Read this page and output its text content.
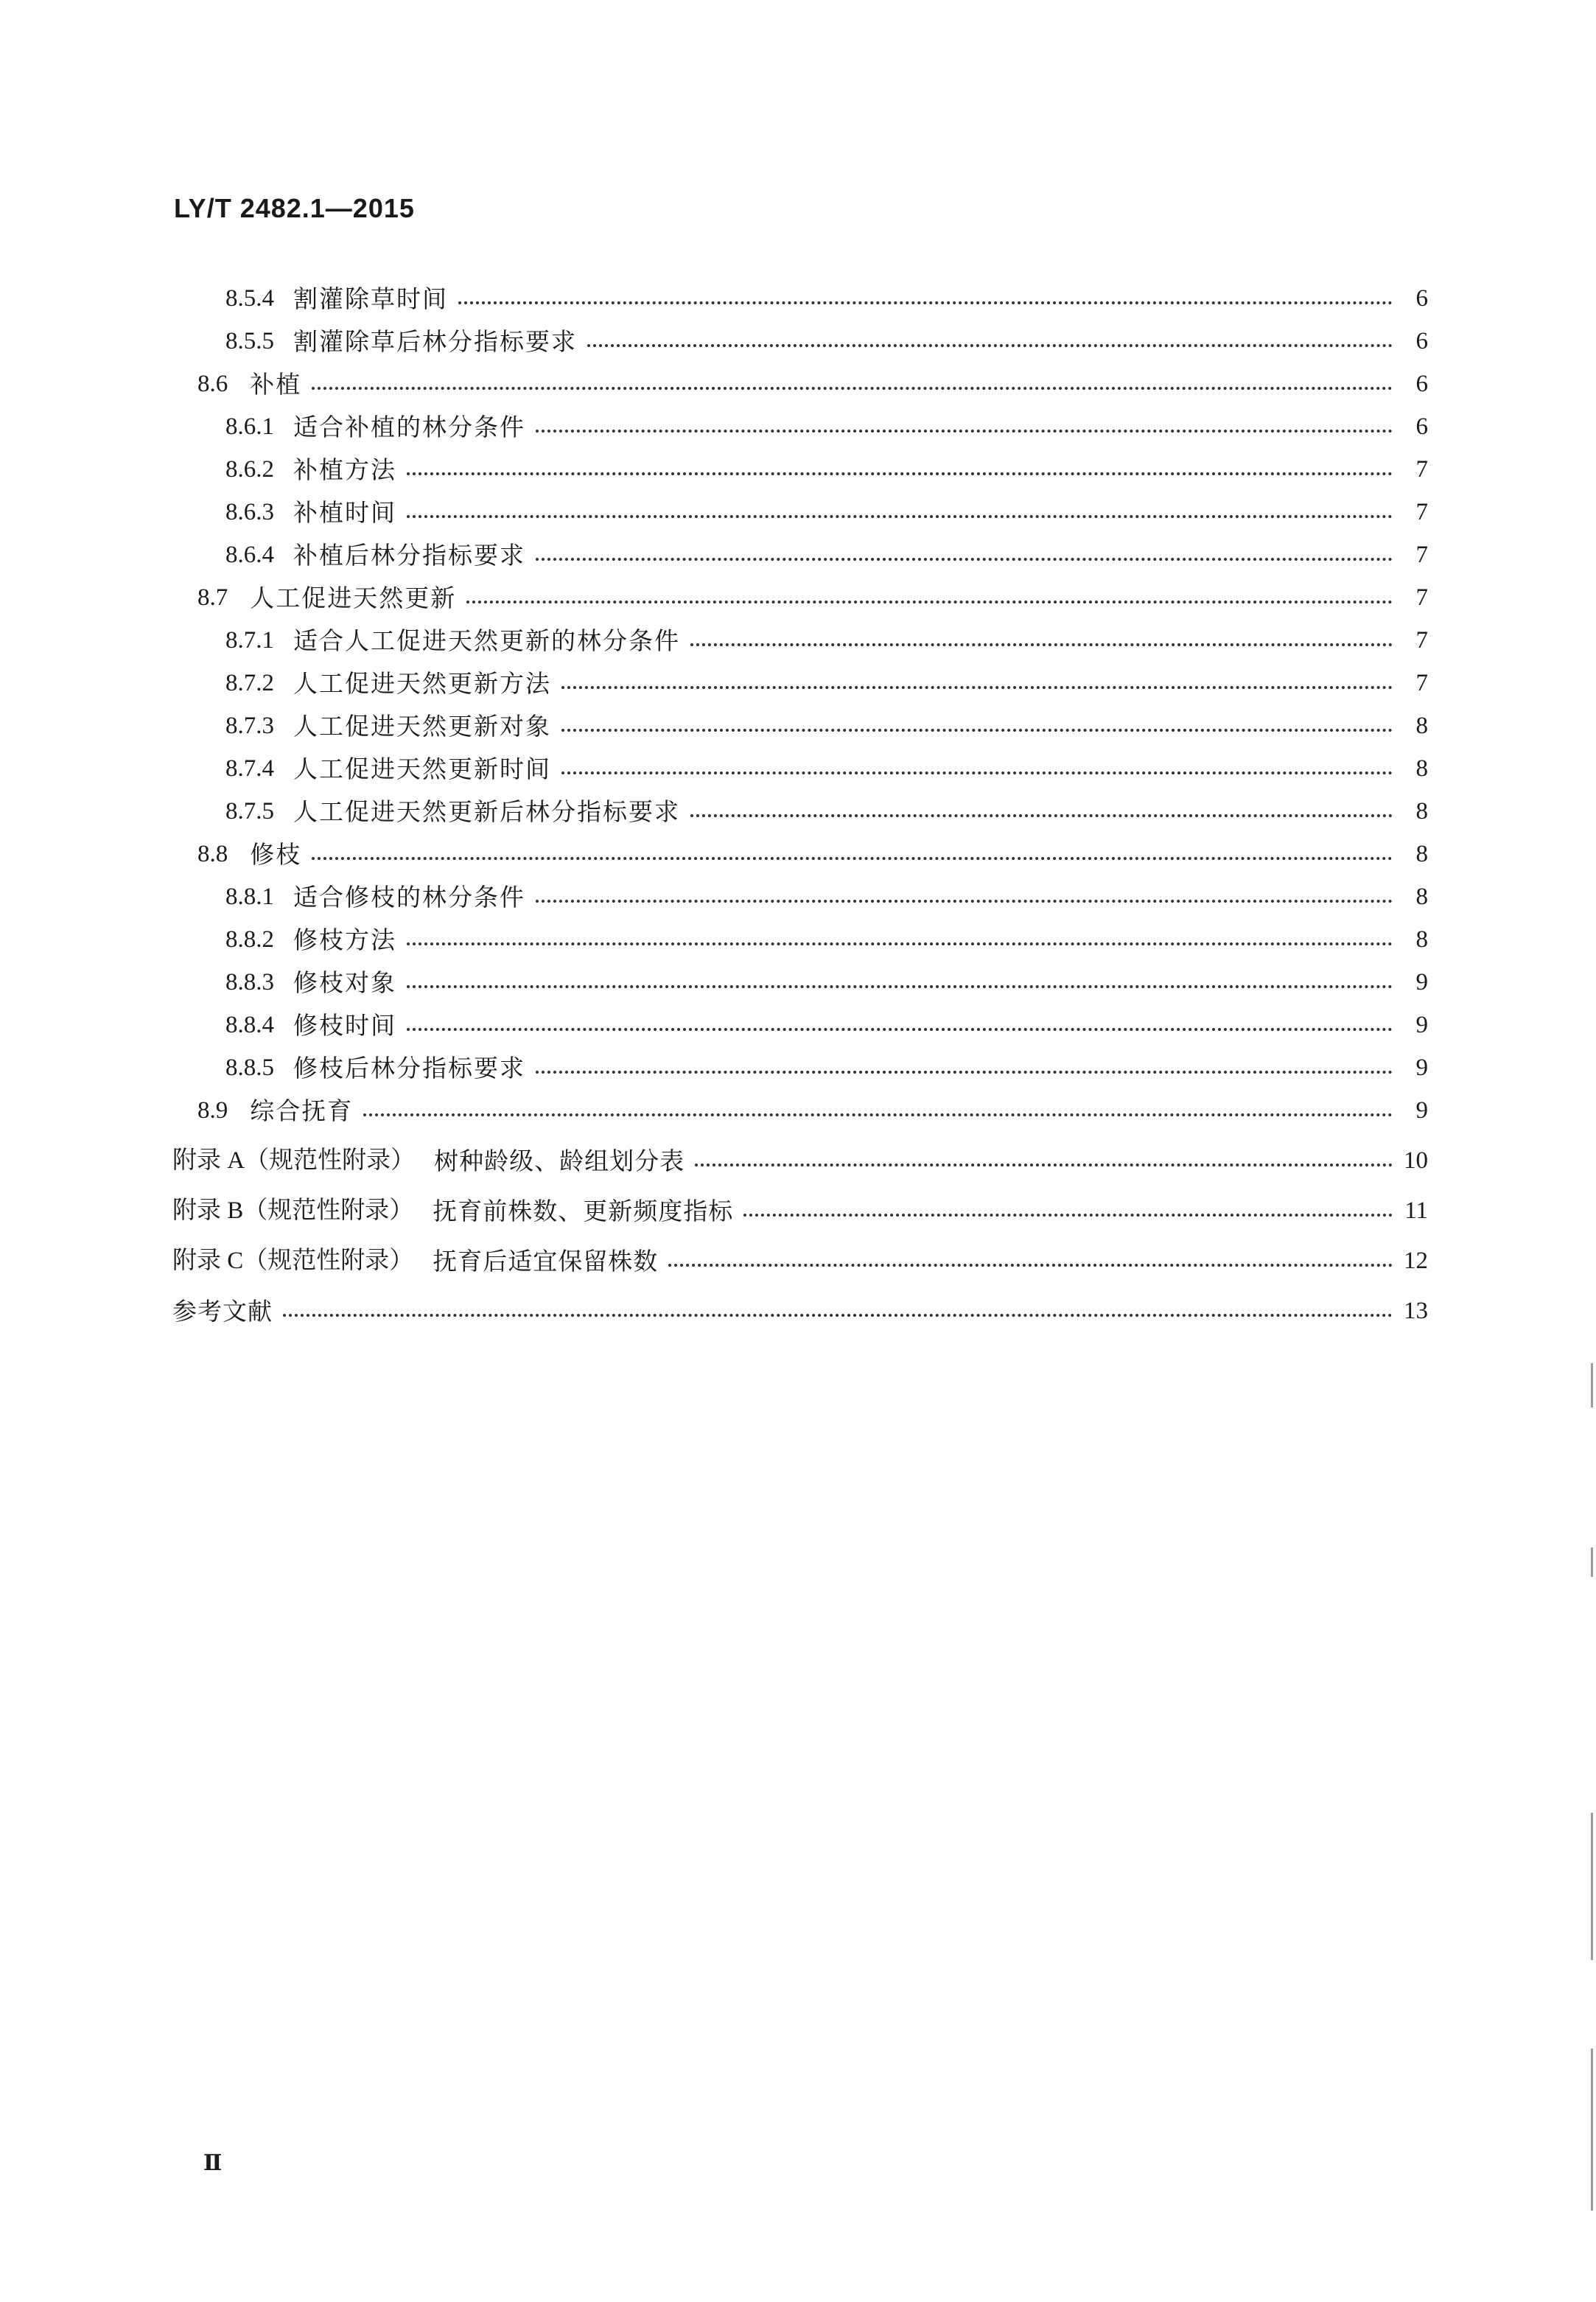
LY/T 2482.1—2015
8.5.4 割灌除草时间	6
8.5.5 割灌除草后林分指标要求	6
8.6 补植	6
8.6.1 适合补植的林分条件	6
8.6.2 补植方法	7
8.6.3 补植时间	7
8.6.4 补植后林分指标要求	7
8.7 人工促进天然更新	7
8.7.1 适合人工促进天然更新的林分条件	7
8.7.2 人工促进天然更新方法	7
8.7.3 人工促进天然更新对象	8
8.7.4 人工促进天然更新时间	8
8.7.5 人工促进天然更新后林分指标要求	8
8.8 修枝	8
8.8.1 适合修枝的林分条件	8
8.8.2 修枝方法	8
8.8.3 修枝对象	9
8.8.4 修枝时间	9
8.8.5 修枝后林分指标要求	9
8.9 综合抚育	9
附录 A（规范性附录） 树种龄级、龄组划分表	10
附录 B（规范性附录） 抚育前株数、更新频度指标	11
附录 C（规范性附录） 抚育后适宜保留株数	12
参考文献	13
Ⅱ
